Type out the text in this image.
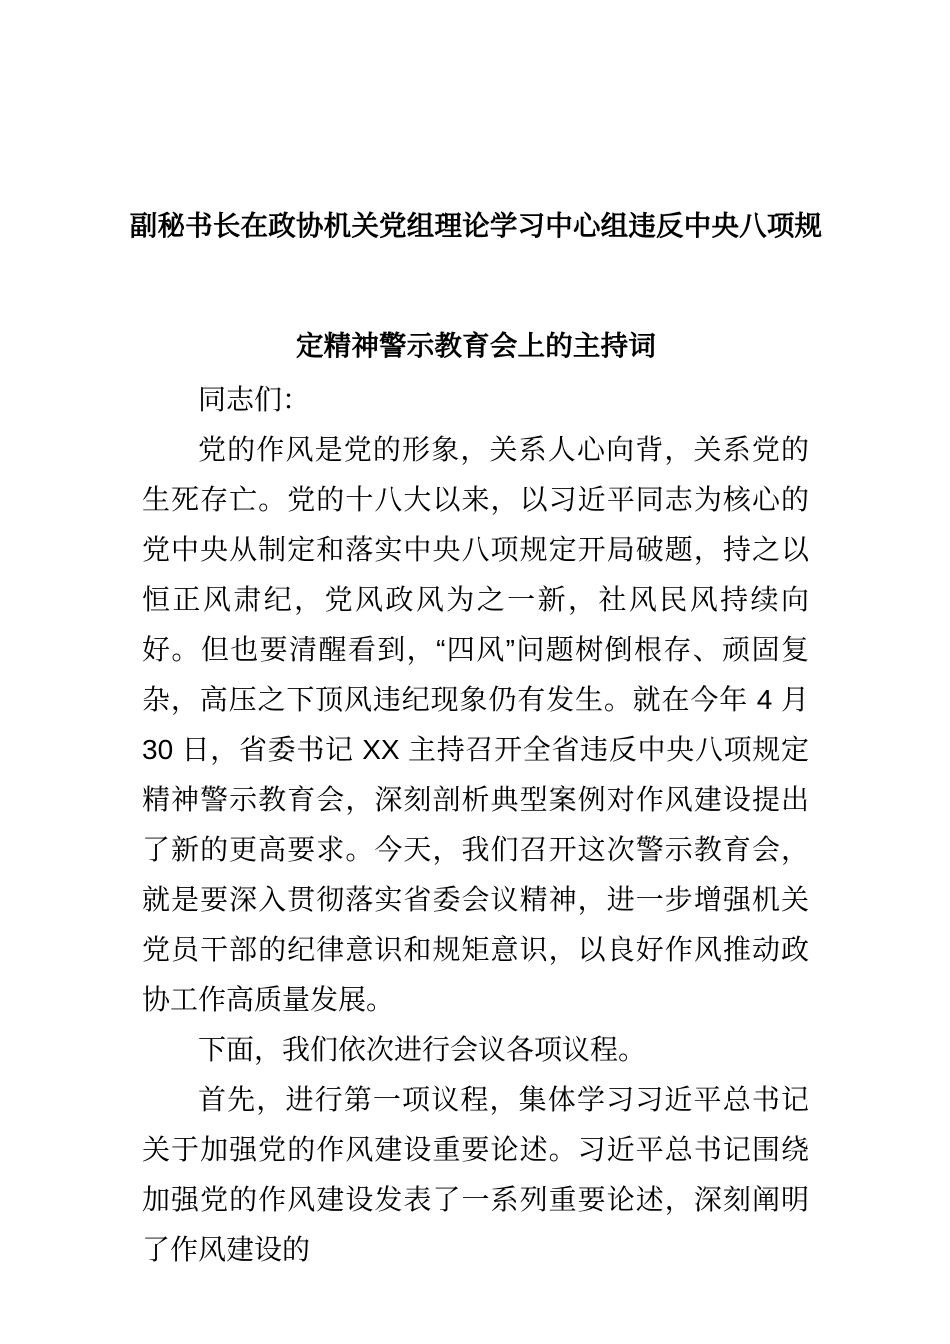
副秘书长在政协机关党组理论学习中心组违反中央八项规定精神警示教育会上的主持词

同志们：

党的作风是党的形象，关系人心向背，关系党的生死存亡。党的十八大以来，以习近平同志为核心的党中央从制定和落实中央八项规定开局破题，持之以恒正风肃纪，党风政风为之一新，社风民风持续向好。但也要清醒看到，“四风”问题树倒根存、顽固复杂，高压之下顶风违纪现象仍有发生。就在今年 4 月 30 日，省委书记 XX 主持召开全省违反中央八项规定精神警示教育会，深刻剖析典型案例对作风建设提出了新的更高要求。今天，我们召开这次警示教育会，就是要深入贯彻落实省委会议精神，进一步增强机关党员干部的纪律意识和规矩意识，以良好作风推动政协工作高质量发展。

下面，我们依次进行会议各项议程。

首先，进行第一项议程，集体学习习近平总书记关于加强党的作风建设重要论述。习近平总书记围绕加强党的作风建设发表了一系列重要论述，深刻阐明了作风建设的
